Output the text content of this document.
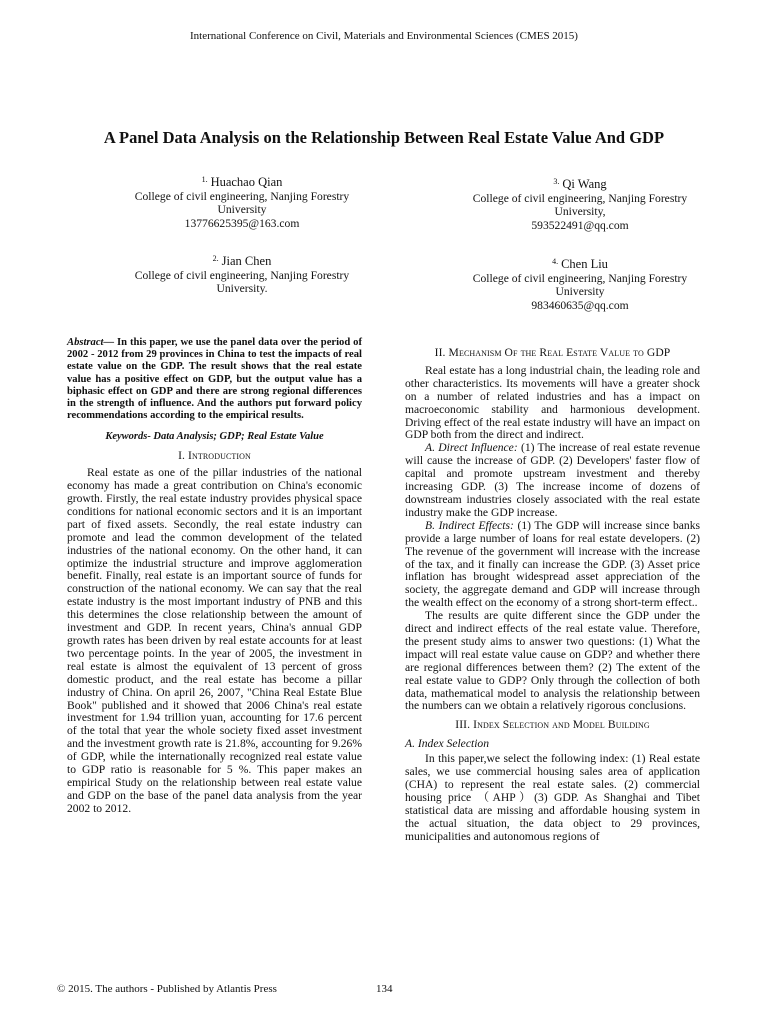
International Conference on Civil, Materials and Environmental Sciences (CMES 2015)
A Panel Data Analysis on the Relationship Between Real Estate Value And GDP
$^{1.}$ Huachao Qian
College of civil engineering, Nanjing Forestry
University
13776625395@163.com
$^{3.}$ Qi Wang
College of civil engineering, Nanjing Forestry
University,
593522491@qq.com
$^{2.}$ Jian Chen
College of civil engineering, Nanjing Forestry
University.
$^{4.}$ Chen Liu
College of civil engineering, Nanjing Forestry
University
983460635@qq.com

Abstract— In this paper, we use the panel data over the period of 2002 - 2012 from 29 provinces in China to test the impacts of real estate value on the GDP. The result shows that the real estate value has a positive effect on GDP, but the output value has a biphasic effect on GDP and there are strong regional differences in the strength of influence. And the authors put forward policy recommendations according to the empirical results.

Keywords- Data Analysis; GDP; Real Estate Value
I. Introduction

Real estate as one of the pillar industries of the national economy has made a great contribution on China's economic growth. Firstly, the real estate industry provides physical space conditions for national economic sectors and it is an important part of fixed assets. Secondly, the real estate industry can promote and lead the common development of the telated industries of the national economy. On the other hand, it can optimize the industrial structure and improve agglomeration benefit. Finally, real estate is an important source of funds for construction of the national economy. We can say that the real estate industry is the most important industry of PNB and this this determines the close relationship between the amount of investment and GDP. In recent years, China's annual GDP growth rates has been driven by real estate accounts for at least two percentage points. In the year of 2005, the investment in real estate is almost the equivalent of 13 percent of gross domestic product, and the real estate has become a pillar industry of China. On april 26, 2007, "China Real Estate Blue Book" published and it showed that 2006 China's real estate investment for 1.94 trillion yuan, accounting for 17.6 percent of the total that year the whole society fixed asset investment and the investment growth rate is 21.8%, accounting for 9.26% of GDP, while the internationally recognized real estate value to GDP ratio is reasonable for 5 %. This paper makes an empirical Study on the relationship between real estate value and GDP on the base of the panel data analysis from the year 2002 to 2012.

II. Mechanism Of the Real Estate Value to GDP

Real estate has a long industrial chain, the leading role and other characteristics. Its movements will have a greater shock on a number of related industries and has a impact on macroeconomic stability and harmonious development. Driving effect of the real estate industry will have an impact on GDP both from the direct and indirect.

A. Direct Influence: (1) The increase of real estate revenue will cause the increase of GDP. (2) Developers' faster flow of capital and promote upstream investment and thereby increasing GDP. (3) The increase income of dozens of downstream industries closely associated with the real estate industry make the GDP increase.

B. Indirect Effects: (1) The GDP will increase since banks provide a large number of loans for real estate developers. (2) The revenue of the government will increase with the increase of the tax, and it finally can increase the GDP. (3) Asset price inflation has brought widespread asset appreciation of the society, the aggregate demand and GDP will increase through the wealth effect on the economy of a strong short-term effect..

The results are quite different since the GDP under the direct and indirect effects of the real estate value. Therefore, the present study aims to answer two questions: (1) What the impact will real estate value cause on GDP? and whether there are regional differences between them? (2) The extent of the real estate value to GDP? Only through the collection of both data, mathematical model to analysis the relationship between the numbers can we obtain a relatively rigorous conclusions.

III. Index Selection and Model Building
A. Index Selection

In this paper,we select the following index: (1) Real estate sales, we use commercial housing sales area of application (CHA) to represent the real estate sales. (2) commercial housing price （AHP）(3) GDP. As Shanghai and Tibet statistical data are missing and affordable housing system in the actual situation, the data object to 29 provinces, municipalities and autonomous regions of

© 2015. The authors - Published by Atlantis Press	134
